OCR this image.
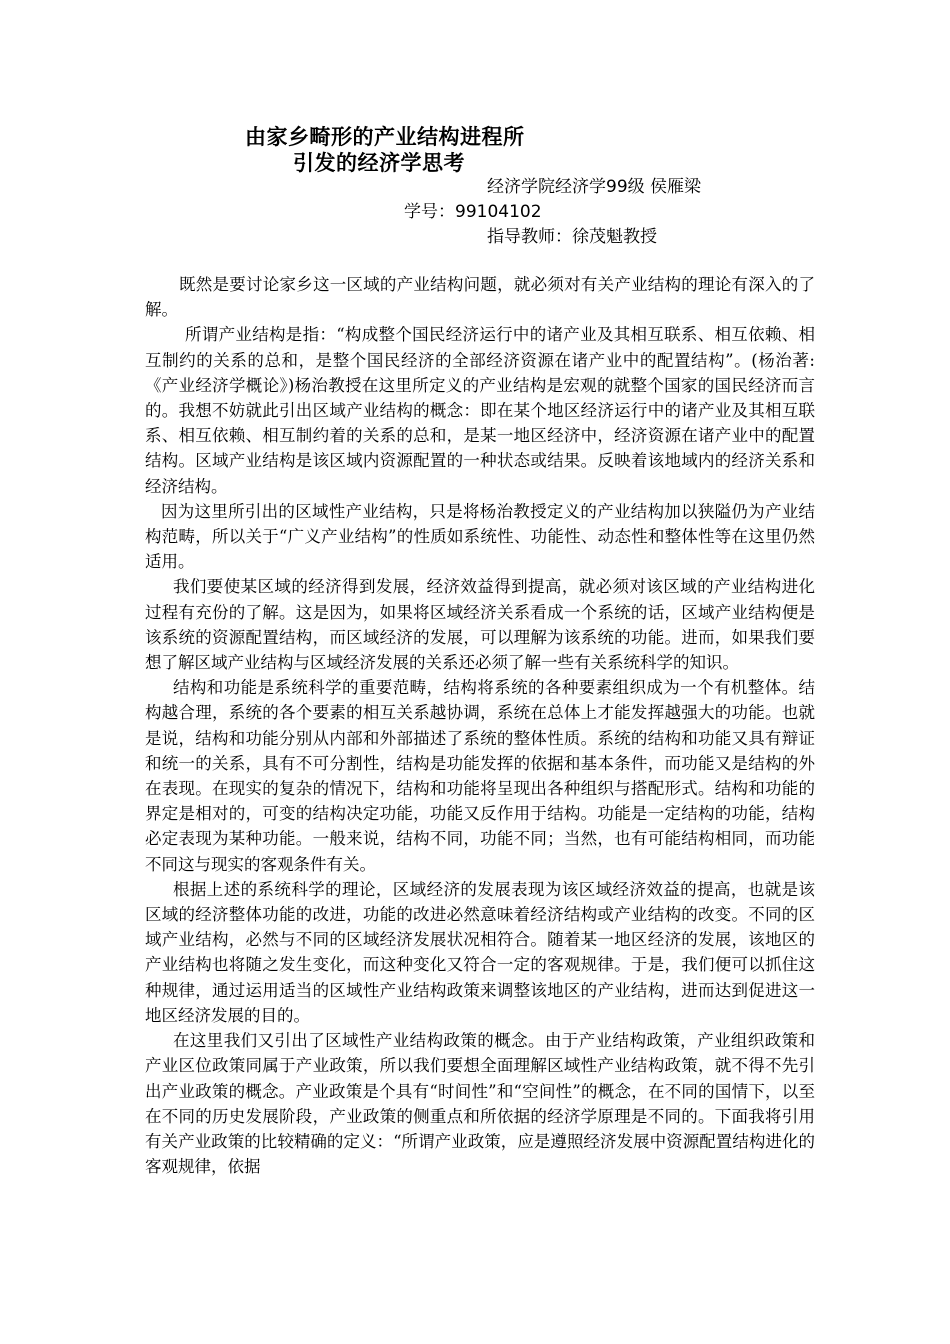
由家乡畸形的产业结构进程所
引发的经济学思考
经济学院经济学99级 侯雁梁
学号：99104102
指导教师：徐茂魁教授

既然是要讨论家乡这一区域的产业结构问题，就必须对有关产业结构的理论有深入的了解。

所谓产业结构是指：“构成整个国民经济运行中的诸产业及其相互联系、相互依赖、相互制约的关系的总和，是整个国民经济的全部经济资源在诸产业中的配置结构”。(杨治著:《产业经济学概论》)杨治教授在这里所定义的产业结构是宏观的就整个国家的国民经济而言的。我想不妨就此引出区域产业结构的概念：即在某个地区经济运行中的诸产业及其相互联系、相互依赖、相互制约着的关系的总和，是某一地区经济中，经济资源在诸产业中的配置结构。区域产业结构是该区域内资源配置的一种状态或结果。反映着该地域内的经济关系和经济结构。

因为这里所引出的区域性产业结构，只是将杨治教授定义的产业结构加以狭隘仍为产业结构范畴，所以关于“广义产业结构”的性质如系统性、功能性、动态性和整体性等在这里仍然适用。

我们要使某区域的经济得到发展，经济效益得到提高，就必须对该区域的产业结构进化过程有充份的了解。这是因为，如果将区域经济关系看成一个系统的话，区域产业结构便是该系统的资源配置结构，而区域经济的发展，可以理解为该系统的功能。进而，如果我们要想了解区域产业结构与区域经济发展的关系还必须了解一些有关系统科学的知识。

结构和功能是系统科学的重要范畴，结构将系统的各种要素组织成为一个有机整体。结构越合理，系统的各个要素的相互关系越协调，系统在总体上才能发挥越强大的功能。也就是说，结构和功能分别从内部和外部描述了系统的整体性质。系统的结构和功能又具有辩证和统一的关系，具有不可分割性，结构是功能发挥的依据和基本条件，而功能又是结构的外在表现。在现实的复杂的情况下，结构和功能将呈现出各种组织与搭配形式。结构和功能的界定是相对的，可变的结构决定功能，功能又反作用于结构。功能是一定结构的功能，结构必定表现为某种功能。一般来说，结构不同，功能不同；当然，也有可能结构相同，而功能不同这与现实的客观条件有关。

根据上述的系统科学的理论，区域经济的发展表现为该区域经济效益的提高，也就是该区域的经济整体功能的改进，功能的改进必然意味着经济结构或产业结构的改变。不同的区域产业结构，必然与不同的区域经济发展状况相符合。随着某一地区经济的发展，该地区的产业结构也将随之发生变化，而这种变化又符合一定的客观规律。于是，我们便可以抓住这种规律，通过运用适当的区域性产业结构政策来调整该地区的产业结构，进而达到促进这一地区经济发展的目的。

在这里我们又引出了区域性产业结构政策的概念。由于产业结构政策，产业组织政策和产业区位政策同属于产业政策，所以我们要想全面理解区域性产业结构政策，就不得不先引出产业政策的概念。产业政策是个具有“时间性”和“空间性”的概念，在不同的国情下，以至在不同的历史发展阶段，产业政策的侧重点和所依据的经济学原理是不同的。下面我将引用有关产业政策的比较精确的定义：“所谓产业政策，应是遵照经济发展中资源配置结构进化的客观规律，依据
